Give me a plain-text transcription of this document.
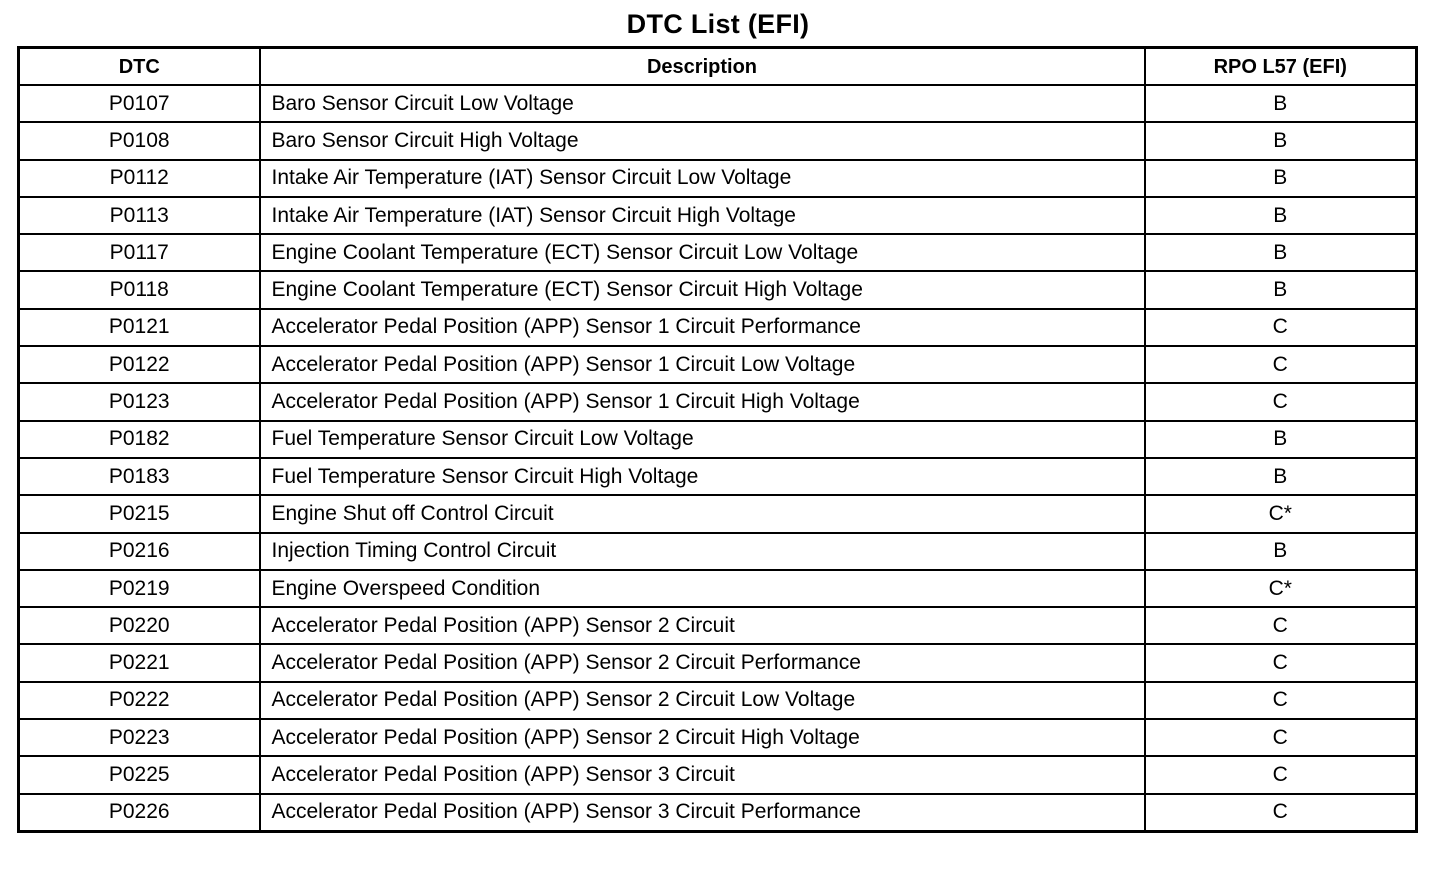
DTC List (EFI)
DTC	Description	RPO L57 (EFI)
P0107	Baro Sensor Circuit Low Voltage	B
P0108	Baro Sensor Circuit High Voltage	B
P0112	Intake Air Temperature (IAT) Sensor Circuit Low Voltage	B
P0113	Intake Air Temperature (IAT) Sensor Circuit High Voltage	B
P0117	Engine Coolant Temperature (ECT) Sensor Circuit Low Voltage	B
P0118	Engine Coolant Temperature (ECT) Sensor Circuit High Voltage	B
P0121	Accelerator Pedal Position (APP) Sensor 1 Circuit Performance	C
P0122	Accelerator Pedal Position (APP) Sensor 1 Circuit Low Voltage	C
P0123	Accelerator Pedal Position (APP) Sensor 1 Circuit High Voltage	C
P0182	Fuel Temperature Sensor Circuit Low Voltage	B
P0183	Fuel Temperature Sensor Circuit High Voltage	B
P0215	Engine Shut off Control Circuit	C*
P0216	Injection Timing Control Circuit	B
P0219	Engine Overspeed Condition	C*
P0220	Accelerator Pedal Position (APP) Sensor 2 Circuit	C
P0221	Accelerator Pedal Position (APP) Sensor 2 Circuit Performance	C
P0222	Accelerator Pedal Position (APP) Sensor 2 Circuit Low Voltage	C
P0223	Accelerator Pedal Position (APP) Sensor 2 Circuit High Voltage	C
P0225	Accelerator Pedal Position (APP) Sensor 3 Circuit	C
P0226	Accelerator Pedal Position (APP) Sensor 3 Circuit Performance	C
